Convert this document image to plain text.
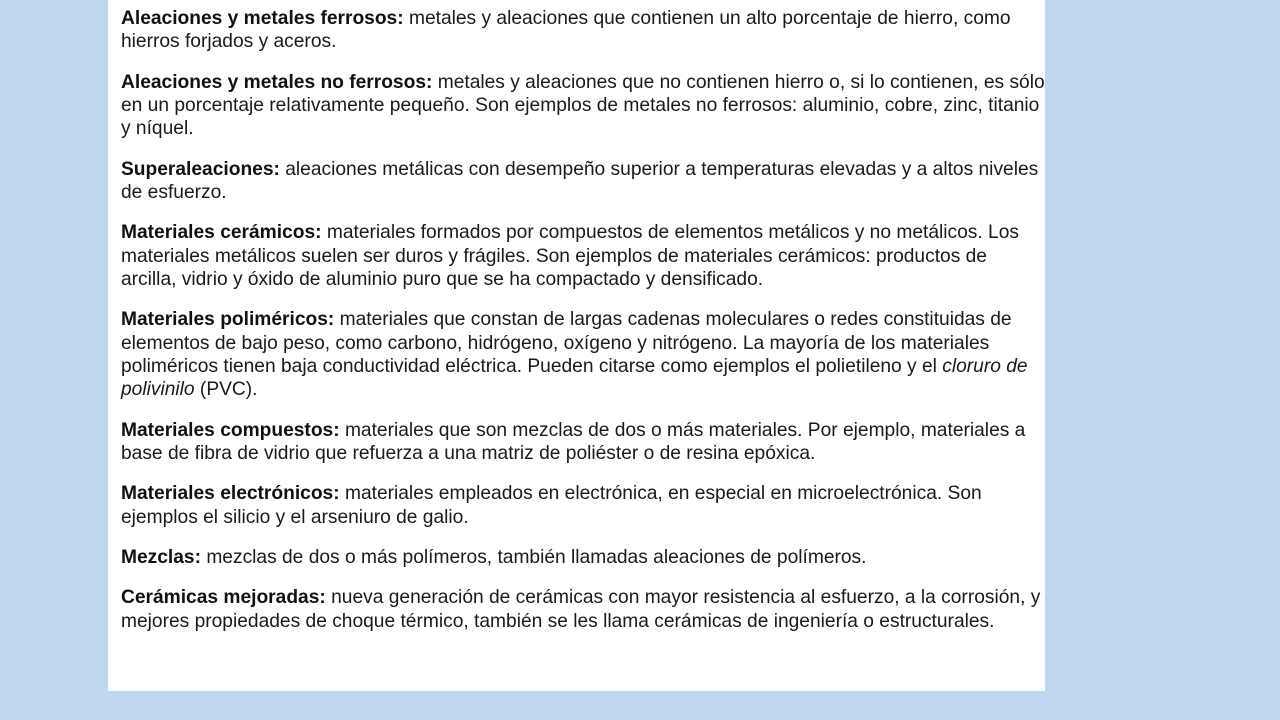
Aleaciones y metales ferrosos: metales y aleaciones que contienen un alto porcentaje de hierro, como hierros forjados y aceros.

Aleaciones y metales no ferrosos: metales y aleaciones que no contienen hierro o, si lo contienen, es sólo en un porcentaje relativamente pequeño. Son ejemplos de metales no ferrosos: aluminio, cobre, zinc, titanio y níquel.

Superaleaciones: aleaciones metálicas con desempeño superior a temperaturas elevadas y a altos niveles de esfuerzo.

Materiales cerámicos: materiales formados por compuestos de elementos metálicos y no metálicos. Los materiales metálicos suelen ser duros y frágiles. Son ejemplos de materiales cerámicos: productos de arcilla, vidrio y óxido de aluminio puro que se ha compactado y densificado.

Materiales poliméricos: materiales que constan de largas cadenas moleculares o redes constituidas de elementos de bajo peso, como carbono, hidrógeno, oxígeno y nitrógeno. La mayoría de los materiales poliméricos tienen baja conductividad eléctrica. Pueden citarse como ejemplos el polietileno y el cloruro de polivinilo (PVC).

Materiales compuestos: materiales que son mezclas de dos o más materiales. Por ejemplo, materiales a base de fibra de vidrio que refuerza a una matriz de poliéster o de resina epóxica.

Materiales electrónicos: materiales empleados en electrónica, en especial en microelectrónica. Son ejemplos el silicio y el arseniuro de galio.

Mezclas: mezclas de dos o más polímeros, también llamadas aleaciones de polímeros.

Cerámicas mejoradas: nueva generación de cerámicas con mayor resistencia al esfuerzo, a la corrosión, y mejores propiedades de choque térmico, también se les llama cerámicas de ingeniería o estructurales.
